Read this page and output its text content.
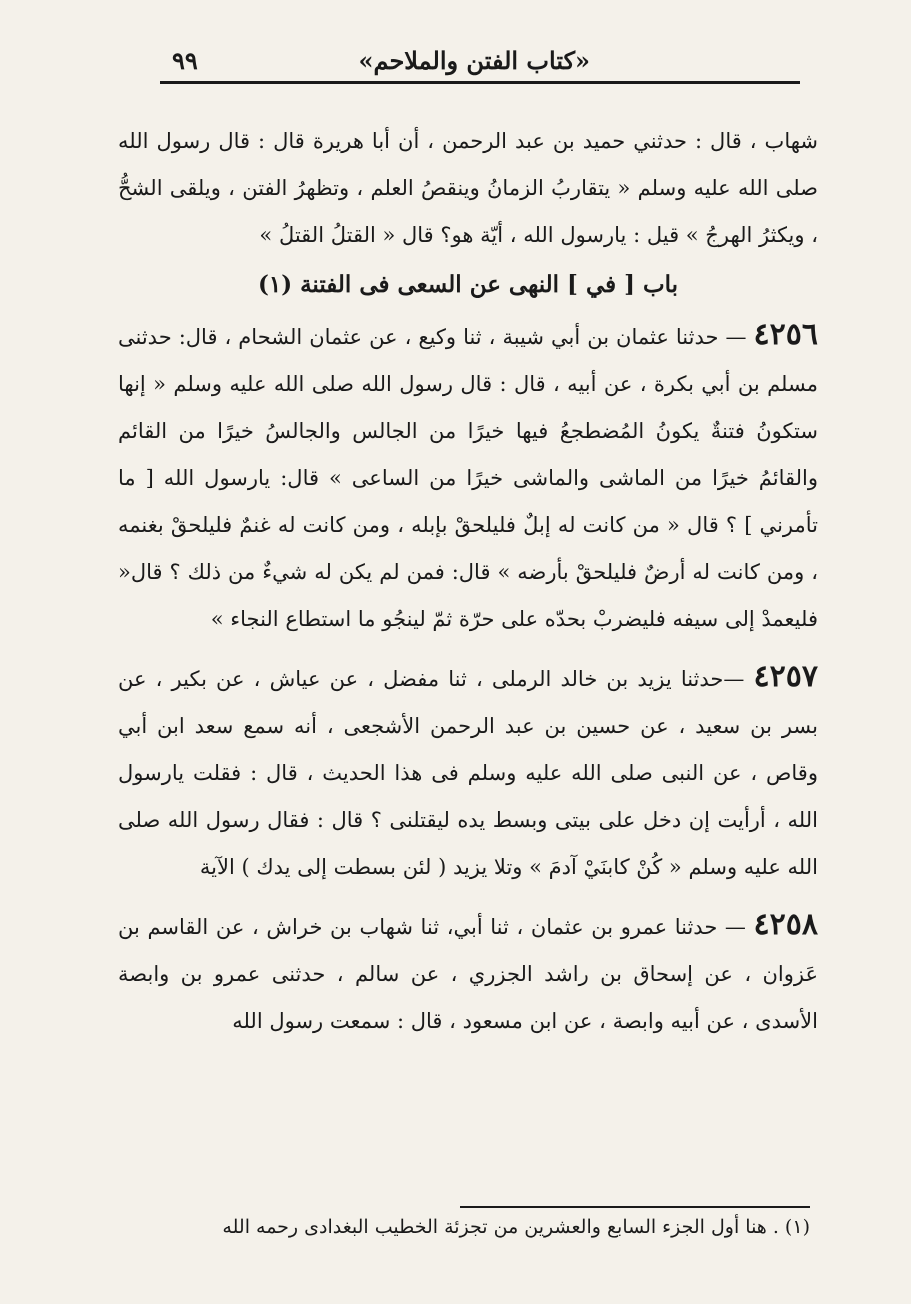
«كتاب الفتن والملاحم»
٩٩

شهاب ، قال : حدثني حميد بن عبد الرحمن ، أن أبا هريرة قال : قال رسول الله صلى الله عليه وسلم « يتقاربُ الزمانُ وينقصُ العلم ، وتظهرُ الفتن ، ويلقى الشحُّ ، ويكثرُ الهرجُ » قيل : يارسول الله ، أيّة هو؟ قال « القتلُ القتلُ »

باب [ في ] النهى عن السعى فى الفتنة (١)

٤٢٥٦ — حدثنا عثمان بن أبي شيبة ، ثنا وكيع ، عن عثمان الشحام ، قال: حدثنى مسلم بن أبي بكرة ، عن أبيه ، قال : قال رسول الله صلى الله عليه وسلم « إنها ستكونُ فتنةٌ يكونُ المُضطجعُ فيها خيرًا من الجالس والجالسُ خيرًا من القائم والقائمُ خيرًا من الماشى والماشى خيرًا من الساعى » قال: يارسول الله [ ما تأمرني ] ؟ قال « من كانت له إبلٌ فليلحقْ بإبله ، ومن كانت له غنمٌ فليلحقْ بغنمه ، ومن كانت له أرضٌ فليلحقْ بأرضه » قال: فمن لم يكن له شيءٌ من ذلك ؟ قال« فليعمدْ إلى سيفه فليضربْ بحدّه على حرّة ثمّ لينجُو ما استطاع النجاء »

٤٢٥٧ —حدثنا يزيد بن خالد الرملى ، ثنا مفضل ، عن عياش ، عن بكير ، عن بسر بن سعيد ، عن حسين بن عبد الرحمن الأشجعى ، أنه سمع سعد ابن أبي وقاص ، عن النبى صلى الله عليه وسلم فى هذا الحديث ، قال : فقلت يارسول الله ، أرأيت إن دخل على بيتى وبسط يده ليقتلنى ؟ قال : فقال رسول الله صلى الله عليه وسلم « كُنْ كابنَيْ آدمَ » وتلا يزيد ( لئن بسطت إلى يدك ) الآية

٤٢٥٨ — حدثنا عمرو بن عثمان ، ثنا أبي، ثنا شهاب بن خراش ، عن القاسم بن عَزوان ، عن إسحاق بن راشد الجزري ، عن سالم ، حدثنى عمرو بن وابصة الأسدى ، عن أبيه وابصة ، عن ابن مسعود ، قال : سمعت رسول الله

(١) . هنا أول الجزء السابع والعشرين من تجزئة الخطيب البغدادى رحمه الله
